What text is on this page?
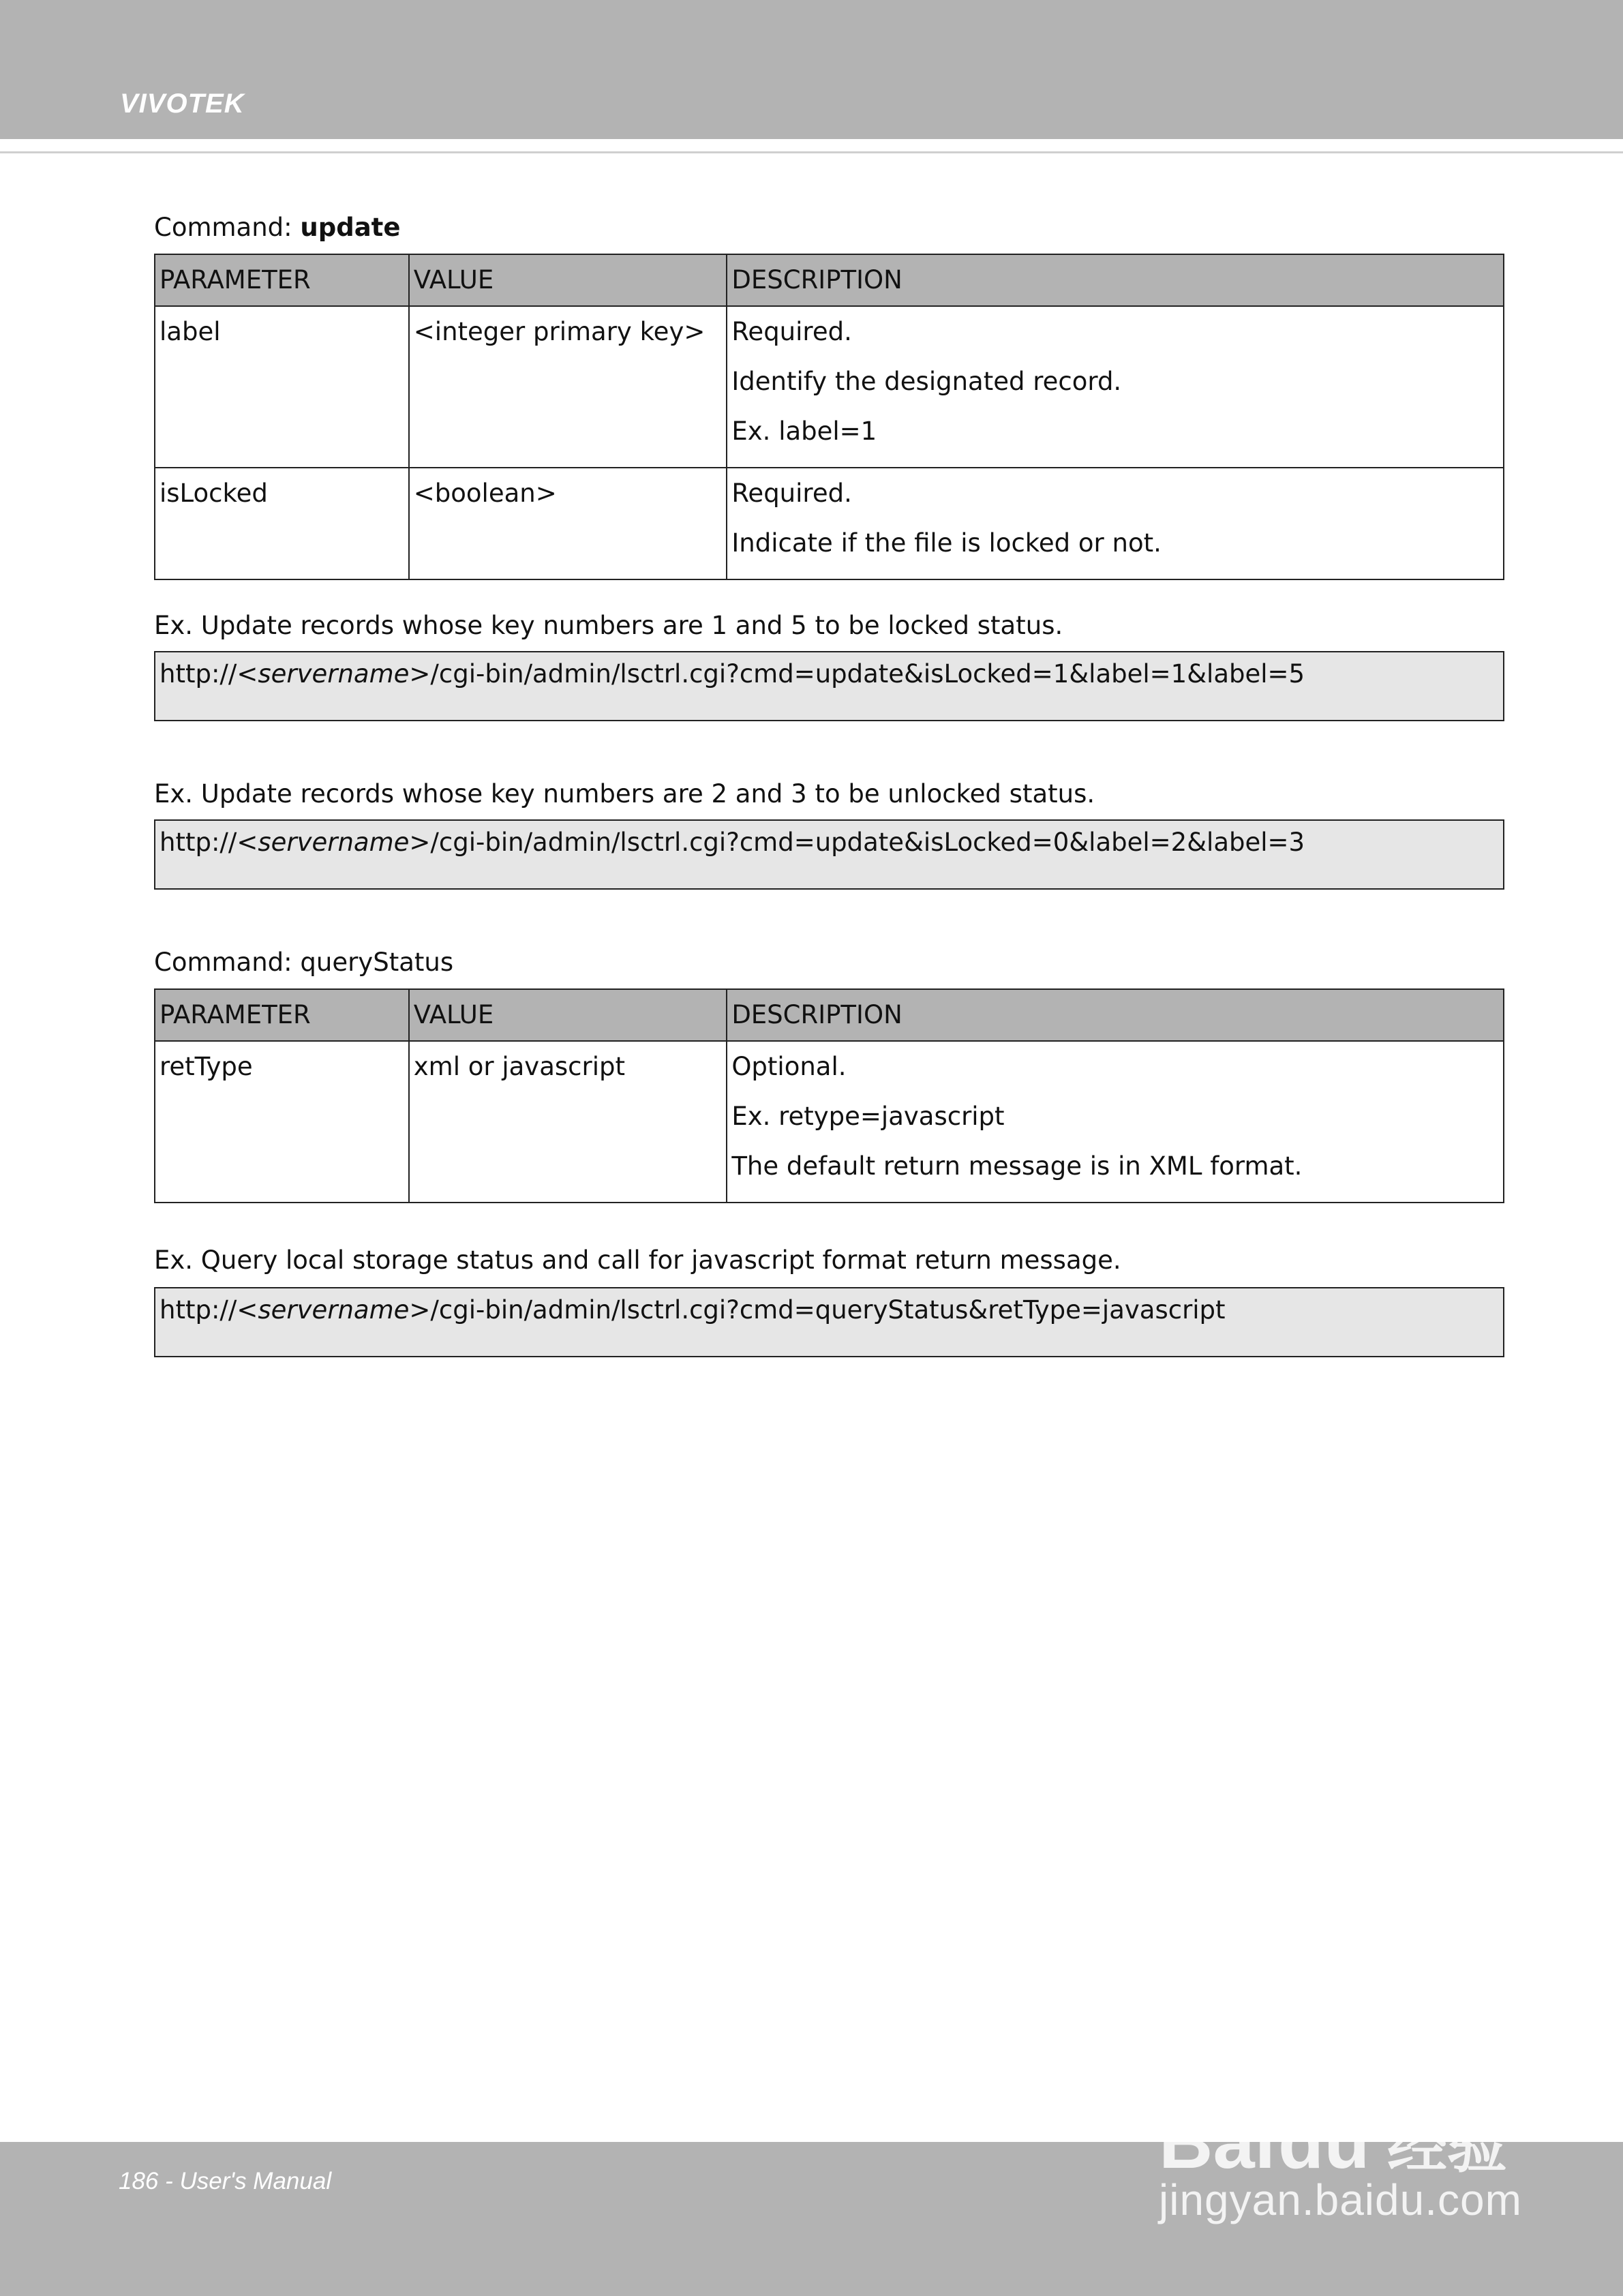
VIVOTEK
Command: update
PARAMETER	VALUE	DESCRIPTION

label	<integer primary key>	Required.
Identify the designated record.
Ex. label=1

isLocked	<boolean>	Required.
Indicate if the file is locked or not.
Ex. Update records whose key numbers are 1 and 5 to be locked status.
http://<servername>/cgi-bin/admin/lsctrl.cgi?cmd=update&isLocked=1&label=1&label=5
Ex. Update records whose key numbers are 2 and 3 to be unlocked status.
http://<servername>/cgi-bin/admin/lsctrl.cgi?cmd=update&isLocked=0&label=2&label=3
Command: queryStatus
PARAMETER	VALUE	DESCRIPTION

retType	xml or javascript	Optional.
Ex. retype=javascript
The default return message is in XML format.
Ex. Query local storage status and call for javascript format return message.
http://<servername>/cgi-bin/admin/lsctrl.cgi?cmd=queryStatus&retType=javascript
186 - User's Manual	Bai du 经验
jingyan.baidu.com
